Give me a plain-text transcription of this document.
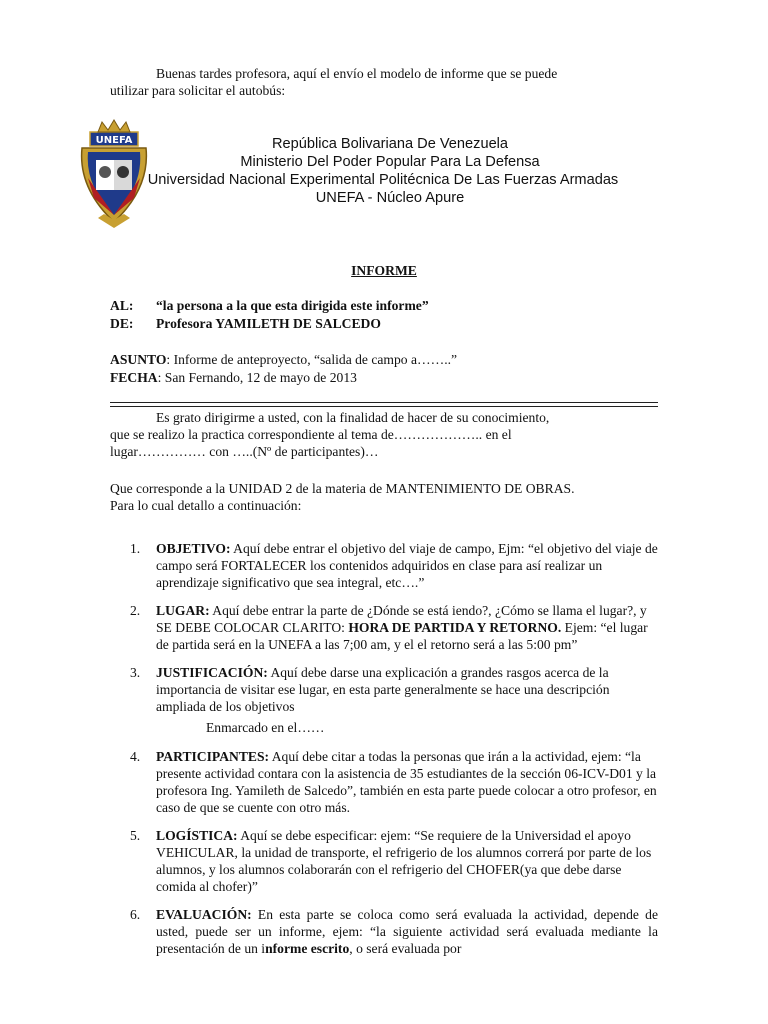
Buenas tardes profesora, aquí el envío el modelo de informe que se puede

utilizar para solicitar el autobús:

UNEFA	República Bolivariana De Venezuela
Ministerio Del Poder Popular Para La Defensa
Universidad Nacional Experimental Politécnica De Las Fuerzas Armadas
UNEFA - Núcleo Apure
INFORME
AL: “la persona a la que esta dirigida este informe”
DE: Profesora YAMILETH DE SALCEDO
ASUNTO: Informe de anteproyecto, “salida de campo a……..”
FECHA: San Fernando, 12 de mayo de 2013

Es grato dirigirme a usted, con la finalidad de hacer de su conocimiento,

que se realizo la practica correspondiente al tema de……………….. en el

lugar…………… con …..(Nº de participantes)…

Que corresponde a la UNIDAD 2 de la materia de MANTENIMIENTO DE OBRAS.

Para lo cual detallo a continuación:

1. OBJETIVO: Aquí debe entrar el objetivo del viaje de campo, Ejm: “el objetivo del viaje de campo será FORTALECER los contenidos adquiridos en clase para así realizar un aprendizaje significativo que sea integral, etc….”
2. LUGAR: Aquí debe entrar la parte de ¿Dónde se está iendo?, ¿Cómo se llama el lugar?, y SE DEBE COLOCAR CLARITO: HORA DE PARTIDA Y RETORNO. Ejem: “el lugar de partida será en la UNEFA a las 7;00 am, y el el retorno será a las 5:00 pm”
3. JUSTIFICACIÓN: Aquí debe darse una explicación a grandes rasgos acerca de la importancia de visitar ese lugar, en esta parte generalmente se hace una descripción ampliada de los objetivos
Enmarcado en el……
4. PARTICIPANTES: Aquí debe citar a todas la personas que irán a la actividad, ejem: “la presente actividad contara con la asistencia de 35 estudiantes de la sección 06-ICV-D01 y la profesora Ing. Yamileth de Salcedo”, también en esta parte puede colocar a otro profesor, en caso de que se cuente con otro más.
5. LOGÍSTICA: Aquí se debe especificar: ejem: “Se requiere de la Universidad el apoyo VEHICULAR, la unidad de transporte, el refrigerio de los alumnos correrá por parte de los alumnos, y los alumnos colaborarán con el refrigerio del CHOFER(ya que debe darse comida al chofer)”
6. EVALUACIÓN: En esta parte se coloca como será evaluada la actividad, depende de usted, puede ser un informe, ejem: “la siguiente actividad será evaluada mediante la presentación de un informe escrito, o será evaluada por
